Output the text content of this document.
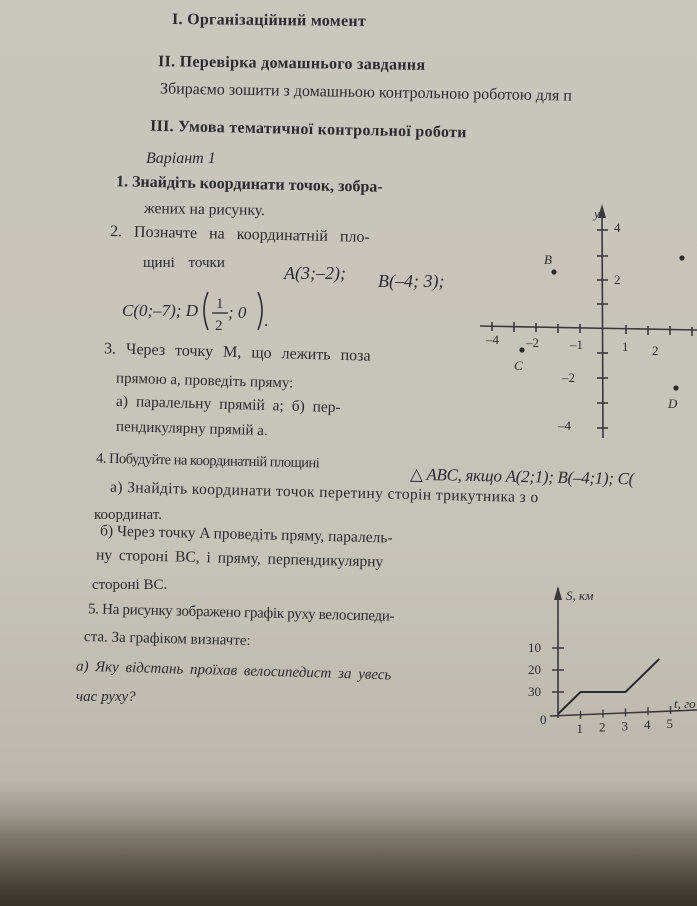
I. Організаційний момент
II. Перевірка домашнього завдання
Збираємо зошити з домашньою контрольною роботою для п
III. Умова тематичної контрольної роботи
Варіант 1
1. Знайдіть координати точок, зобра-
жених на рисунку.
2. Позначте на координатній пло-
щині точки	A(3;–2); B(–4; 3);
C(0;–7); D 1
2
; 0 .
y
4
2
–2
–4
–4 –2 –1	1 2
B
C
D
3. Через точку M, що лежить поза
прямою a, проведіть пряму:
а) паралельну прямій a; б) пер-
пендикулярну прямій a.
4. Побудуйте на координатній площині
△ ABC, якщо A(2;1); B(–4;1); C(
а) Знайдіть координати точок перетину сторін трикутника з о
координат.
б) Через точку A проведіть пряму, паралель-
ну стороні BC, і пряму, перпендикулярну
стороні BC.
S, км
t, го
0
30
20
10
1 2 3 4 5
5. На рисунку зображено графік руху велосипеди-
ста. За графіком визначте:
а) Яку відстань проїхав велосипедист за увесь
час руху?
